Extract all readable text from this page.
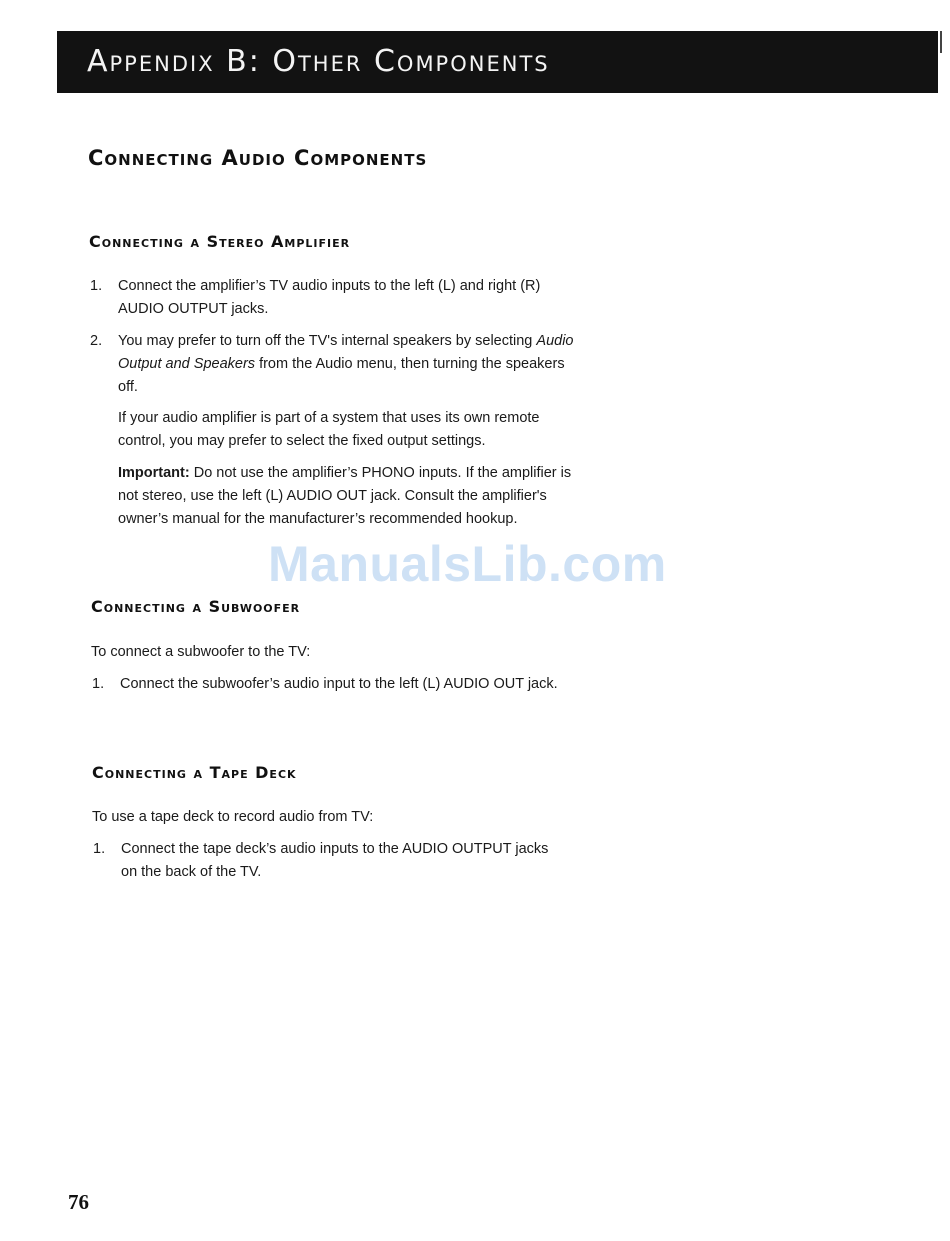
Appendix B: Other Components
Connecting Audio Components
Connecting a Stereo Amplifier
1. Connect the amplifier’s TV audio inputs to the left (L) and right (R) AUDIO OUTPUT jacks.

2. You may prefer to turn off the TV's internal speakers by selecting Audio Output and Speakers from the Audio menu, then turning the speakers off.

If your audio amplifier is part of a system that uses its own remote control, you may prefer to select the fixed output settings.

Important: Do not use the amplifier’s PHONO inputs. If the amplifier is not stereo, use the left (L) AUDIO OUT jack. Consult the amplifier's owner’s manual for the manufacturer’s recommended hookup.

Connecting a Subwoofer

To connect a subwoofer to the TV:

1. Connect the subwoofer’s audio input to the left (L) AUDIO OUT jack.

Connecting a Tape Deck

To use a tape deck to record audio from TV:

1. Connect the tape deck’s audio inputs to the AUDIO OUTPUT jacks on the back of the TV.

ManualsLib.com

76
